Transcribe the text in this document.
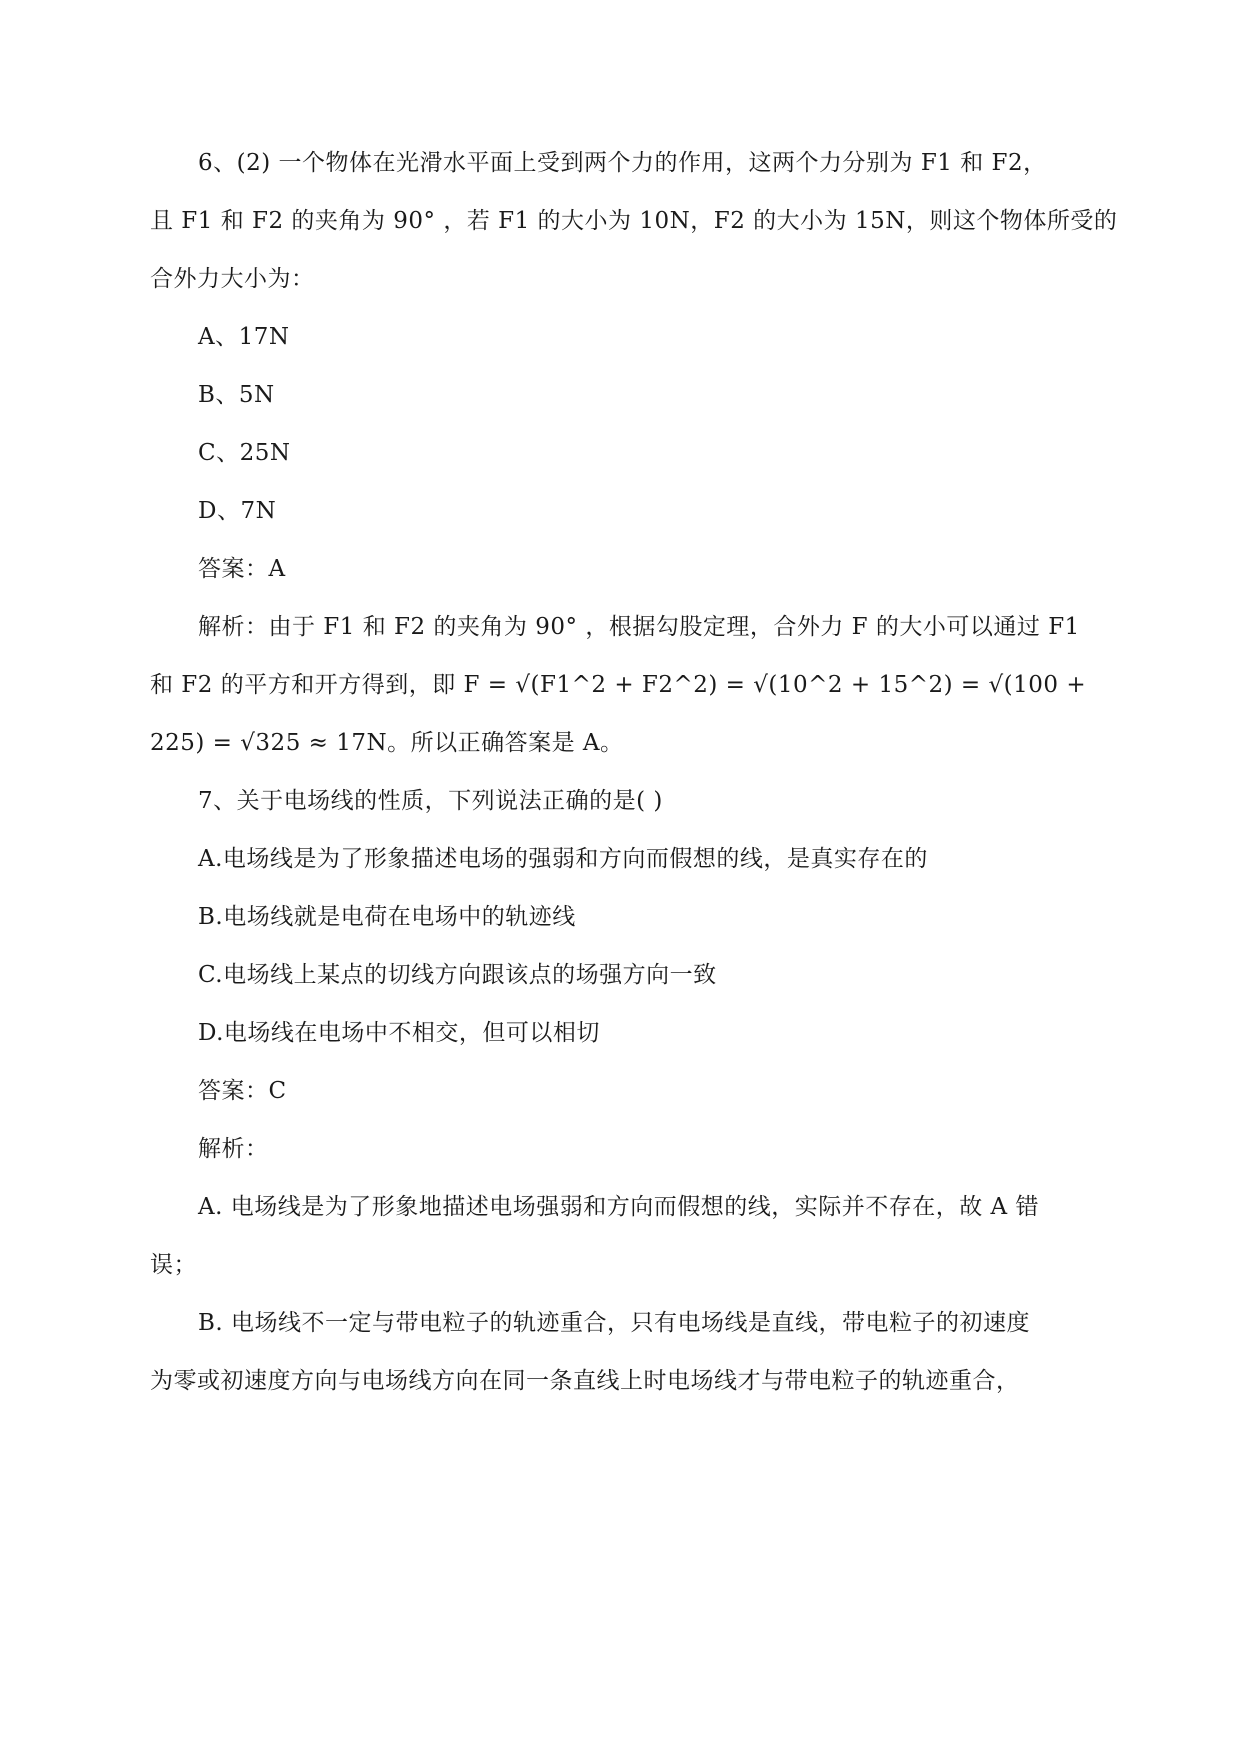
6、(2) 一个物体在光滑水平面上受到两个力的作用，这两个力分别为 F1 和 F2，
且 F1 和 F2 的夹角为 90° ，若 F1 的大小为 10N，F2 的大小为 15N，则这个物体所受的
合外力大小为：
A、17N
B、5N
C、25N
D、7N
答案：A
解析：由于 F1 和 F2 的夹角为 90° ，根据勾股定理，合外力 F 的大小可以通过 F1
和 F2 的平方和开方得到，即 F = √(F1^2 + F2^2) = √(10^2 + 15^2) = √(100 +
225) = √325 ≈ 17N。所以正确答案是 A。
7、关于电场线的性质，下列说法正确的是( )
A.电场线是为了形象描述电场的强弱和方向而假想的线，是真实存在的
B.电场线就是电荷在电场中的轨迹线
C.电场线上某点的切线方向跟该点的场强方向一致
D.电场线在电场中不相交，但可以相切
答案：C
解析：
A. 电场线是为了形象地描述电场强弱和方向而假想的线，实际并不存在，故 A 错
误；
B. 电场线不一定与带电粒子的轨迹重合，只有电场线是直线，带电粒子的初速度
为零或初速度方向与电场线方向在同一条直线上时电场线才与带电粒子的轨迹重合，
